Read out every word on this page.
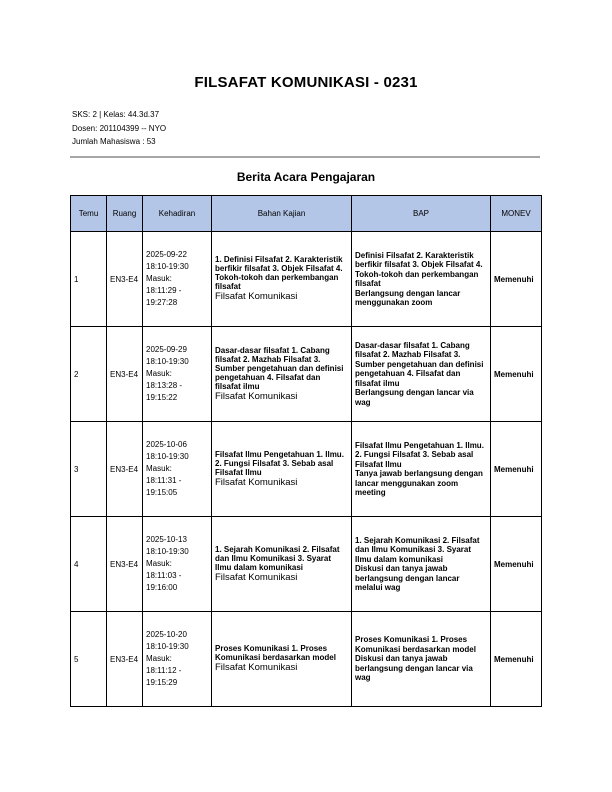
FILSAFAT KOMUNIKASI - 0231
SKS: 2 | Kelas: 44.3d.37
Dosen: 201104399 -- NYO
Jumlah Mahasiswa : 53
Berita Acara Pengajaran
Temu	Ruang	Kehadiran	Bahan Kajian	BAP	MONEV
1	EN3-E4	2025-09-22
18:10-19:30
Masuk:
18:11:29 -
19:27:28	1. Definisi Filsafat 2. Karakteristik berfikir filsafat 3. Objek Filsafat 4. Tokoh-tokoh dan perkembangan filsafat
Filsafat Komunikasi	Definisi Filsafat 2. Karakteristik berfikir filsafat 3. Objek Filsafat 4. Tokoh-tokoh dan perkembangan filsafat
Berlangsung dengan lancar menggunakan zoom	Memenuhi
2	EN3-E4	2025-09-29
18:10-19:30
Masuk:
18:13:28 -
19:15:22	Dasar-dasar filsafat 1. Cabang filsafat 2. Mazhab Filsafat 3. Sumber pengetahuan dan definisi pengetahuan 4. Filsafat dan filsafat ilmu
Filsafat Komunikasi	Dasar-dasar filsafat 1. Cabang filsafat 2. Mazhab Filsafat 3. Sumber pengetahuan dan definisi pengetahuan 4. Filsafat dan filsafat ilmu
Berlangsung dengan lancar via wag	Memenuhi
3	EN3-E4	2025-10-06
18:10-19:30
Masuk:
18:11:31 -
19:15:05	Filsafat Ilmu Pengetahuan 1. Ilmu. 2. Fungsi Filsafat 3. Sebab asal Filsafat Ilmu
Filsafat Komunikasi	Filsafat Ilmu Pengetahuan 1. Ilmu. 2. Fungsi Filsafat 3. Sebab asal Filsafat Ilmu
Tanya jawab berlangsung dengan lancar menggunakan zoom meeting	Memenuhi
4	EN3-E4	2025-10-13
18:10-19:30
Masuk:
18:11:03 -
19:16:00	1. Sejarah Komunikasi 2. Filsafat dan Ilmu Komunikasi 3. Syarat Ilmu dalam komunikasi
Filsafat Komunikasi	1. Sejarah Komunikasi 2. Filsafat dan Ilmu Komunikasi 3. Syarat Ilmu dalam komunikasi
Diskusi dan tanya jawab berlangsung dengan lancar melalui wag	Memenuhi
5	EN3-E4	2025-10-20
18:10-19:30
Masuk:
18:11:12 -
19:15:29	Proses Komunikasi 1. Proses Komunikasi berdasarkan model
Filsafat Komunikasi	Proses Komunikasi 1. Proses Komunikasi berdasarkan model
Diskusi dan tanya jawab berlangsung dengan lancar via wag	Memenuhi
